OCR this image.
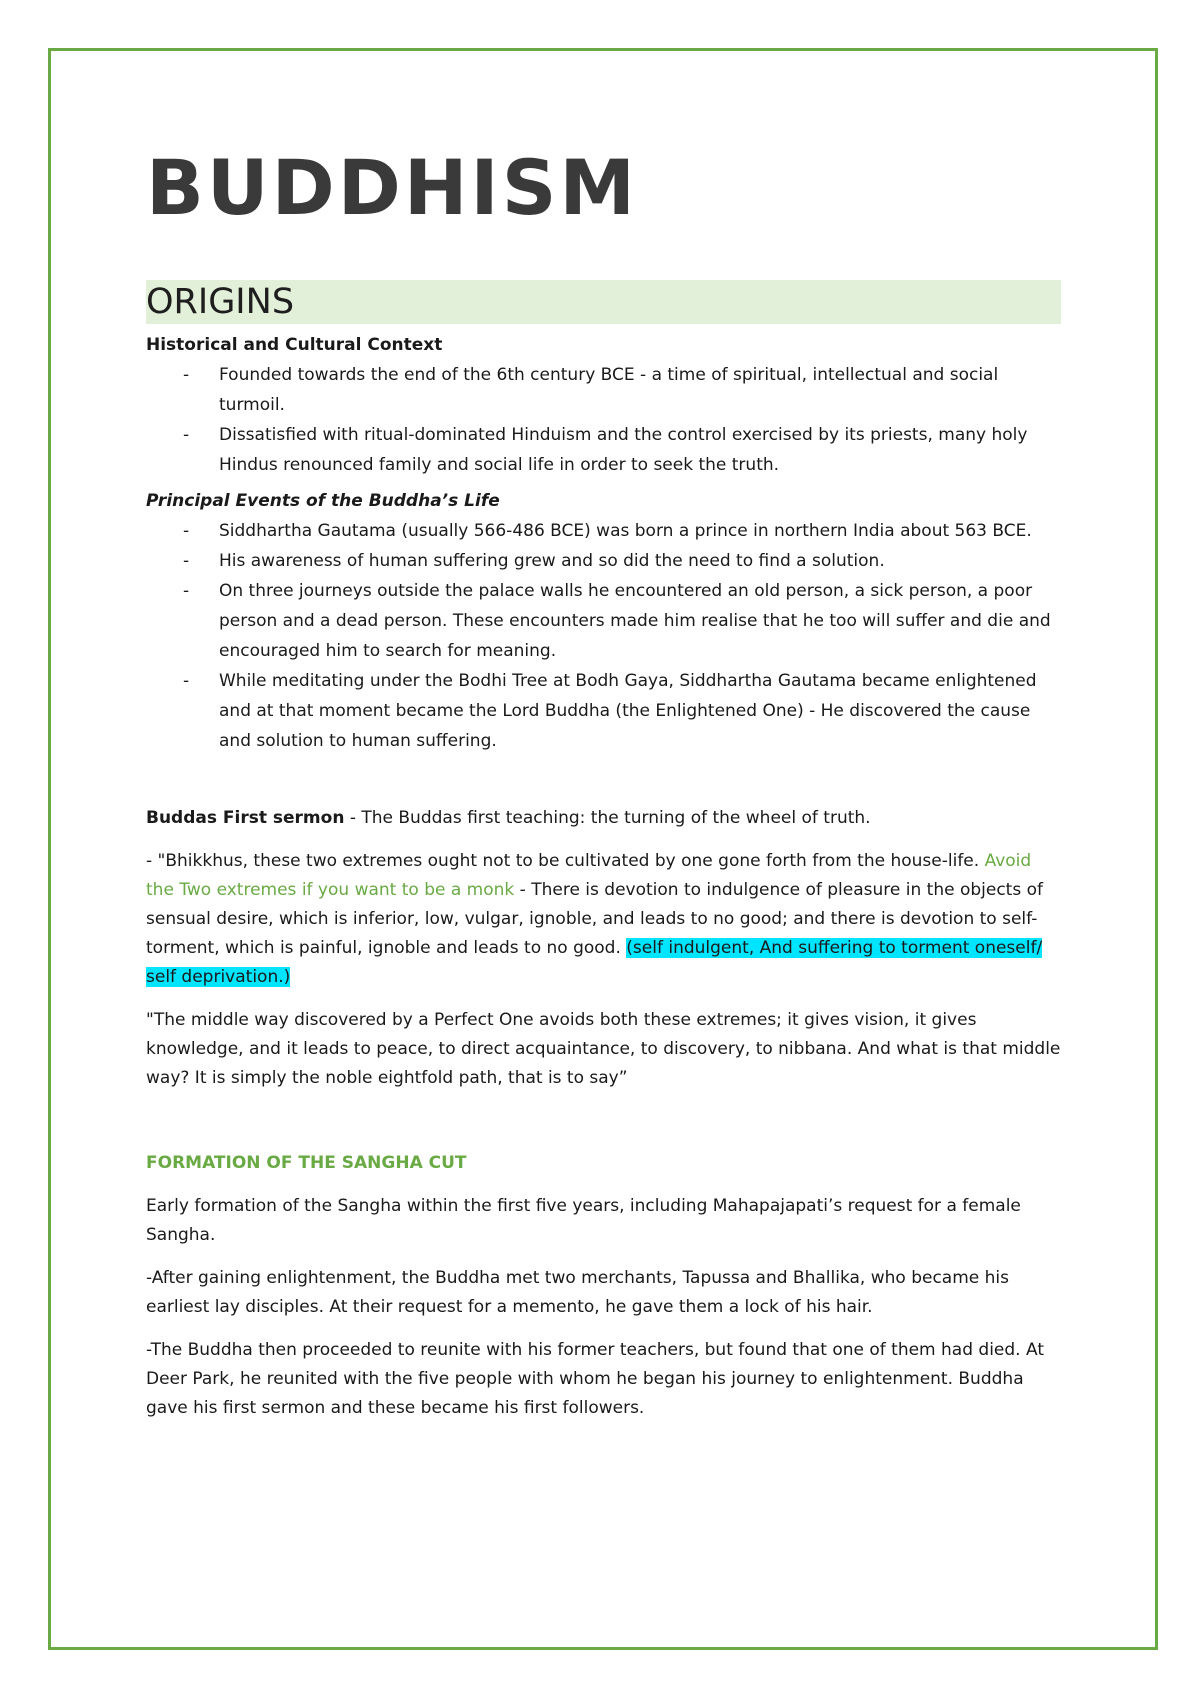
BUDDHISM
ORIGINS
Historical and Cultural Context
- Founded towards the end of the 6th century BCE - a time of spiritual, intellectual and social turmoil.
- Dissatisfied with ritual-dominated Hinduism and the control exercised by its priests, many holy Hindus renounced family and social life in order to seek the truth.
Principal Events of the Buddha’s Life
- Siddhartha Gautama (usually 566-486 BCE) was born a prince in northern India about 563 BCE.
- His awareness of human suffering grew and so did the need to find a solution.
- On three journeys outside the palace walls he encountered an old person, a sick person, a poor person and a dead person. These encounters made him realise that he too will suffer and die and encouraged him to search for meaning.
- While meditating under the Bodhi Tree at Bodh Gaya, Siddhartha Gautama became enlightened and at that moment became the Lord Buddha (the Enlightened One) - He discovered the cause and solution to human suffering.

Buddas First sermon - The Buddas first teaching: the turning of the wheel of truth.

- "Bhikkhus, these two extremes ought not to be cultivated by one gone forth from the house-life. Avoid the Two extremes if you want to be a monk - There is devotion to indulgence of pleasure in the objects of sensual desire, which is inferior, low, vulgar, ignoble, and leads to no good; and there is devotion to self-torment, which is painful, ignoble and leads to no good. (self indulgent, And suffering to torment oneself/ self deprivation.)

"The middle way discovered by a Perfect One avoids both these extremes; it gives vision, it gives knowledge, and it leads to peace, to direct acquaintance, to discovery, to nibbana. And what is that middle way? It is simply the noble eightfold path, that is to say”

FORMATION OF THE SANGHA CUT

Early formation of the Sangha within the first five years, including Mahapajapati’s request for a female Sangha.

-After gaining enlightenment, the Buddha met two merchants, Tapussa and Bhallika, who became his earliest lay disciples. At their request for a memento, he gave them a lock of his hair.

-The Buddha then proceeded to reunite with his former teachers, but found that one of them had died. At Deer Park, he reunited with the five people with whom he began his journey to enlightenment. Buddha gave his first sermon and these became his first followers.
